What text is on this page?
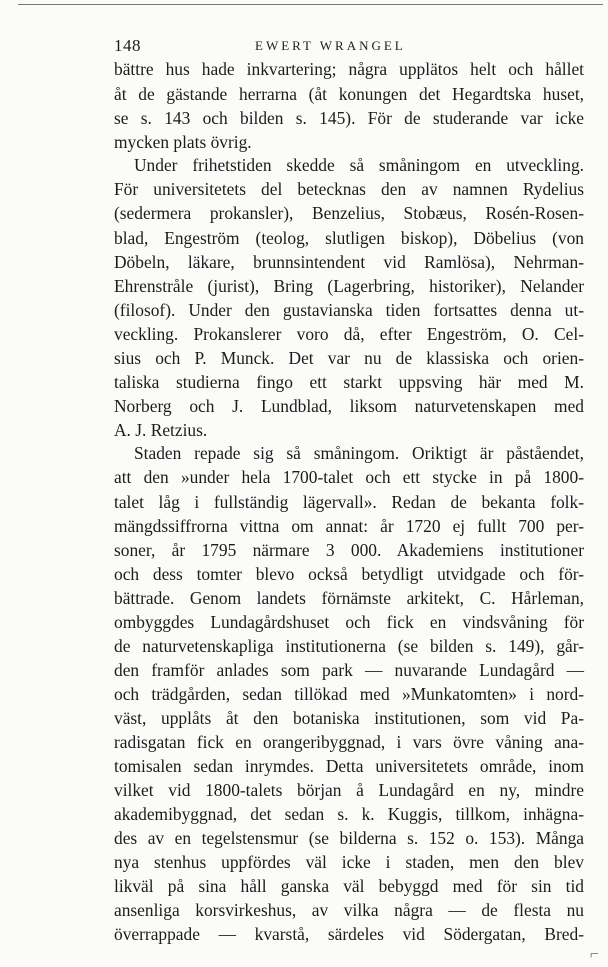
148	EWERT WRANGEL
bättre hus hade inkvartering; några upplätos helt och hållet
åt de gästande herrarna (åt konungen det Hegardtska huset,
se s. 143 och bilden s. 145). För de studerande var icke
mycken plats övrig.
Under frihetstiden skedde så småningom en utveckling.
För universitetets del betecknas den av namnen Rydelius
(sedermera prokansler), Benzelius, Stobæus, Rosén-Rosen-
blad, Engeström (teolog, slutligen biskop), Döbelius (von
Döbeln, läkare, brunnsintendent vid Ramlösa), Nehrman-
Ehrenstråle (jurist), Bring (Lagerbring, historiker), Nelander
(filosof). Under den gustavianska tiden fortsattes denna ut-
veckling. Prokanslerer voro då, efter Engeström, O. Cel-
sius och P. Munck. Det var nu de klassiska och orien-
taliska studierna fingo ett starkt uppsving här med M.
Norberg och J. Lundblad, liksom naturvetenskapen med
A. J. Retzius.
Staden repade sig så småningom. Oriktigt är påståendet,
att den »under hela 1700-talet och ett stycke in på 1800-
talet låg i fullständig lägervall». Redan de bekanta folk-
mängdssiffrorna vittna om annat: år 1720 ej fullt 700 per-
soner, år 1795 närmare 3 000. Akademiens institutioner
och dess tomter blevo också betydligt utvidgade och för-
bättrade. Genom landets förnämste arkitekt, C. Hårleman,
ombyggdes Lundagårdshuset och fick en vindsvåning för
de naturvetenskapliga institutionerna (se bilden s. 149), går-
den framför anlades som park — nuvarande Lundagård —
och trädgården, sedan tillökad med »Munkatomten» i nord-
väst, upplåts åt den botaniska institutionen, som vid Pa-
radisgatan fick en orangeribyggnad, i vars övre våning ana-
tomisalen sedan inrymdes. Detta universitetets område, inom
vilket vid 1800-talets början å Lundagård en ny, mindre
akademibyggnad, det sedan s. k. Kuggis, tillkom, inhägna-
des av en tegelstensmur (se bilderna s. 152 o. 153). Många
nya stenhus uppfördes väl icke i staden, men den blev
likväl på sina håll ganska väl bebyggd med för sin tid
ansenliga korsvirkeshus, av vilka några — de flesta nu
överrappade — kvarstå, särdeles vid Södergatan, Bred-
⌐
